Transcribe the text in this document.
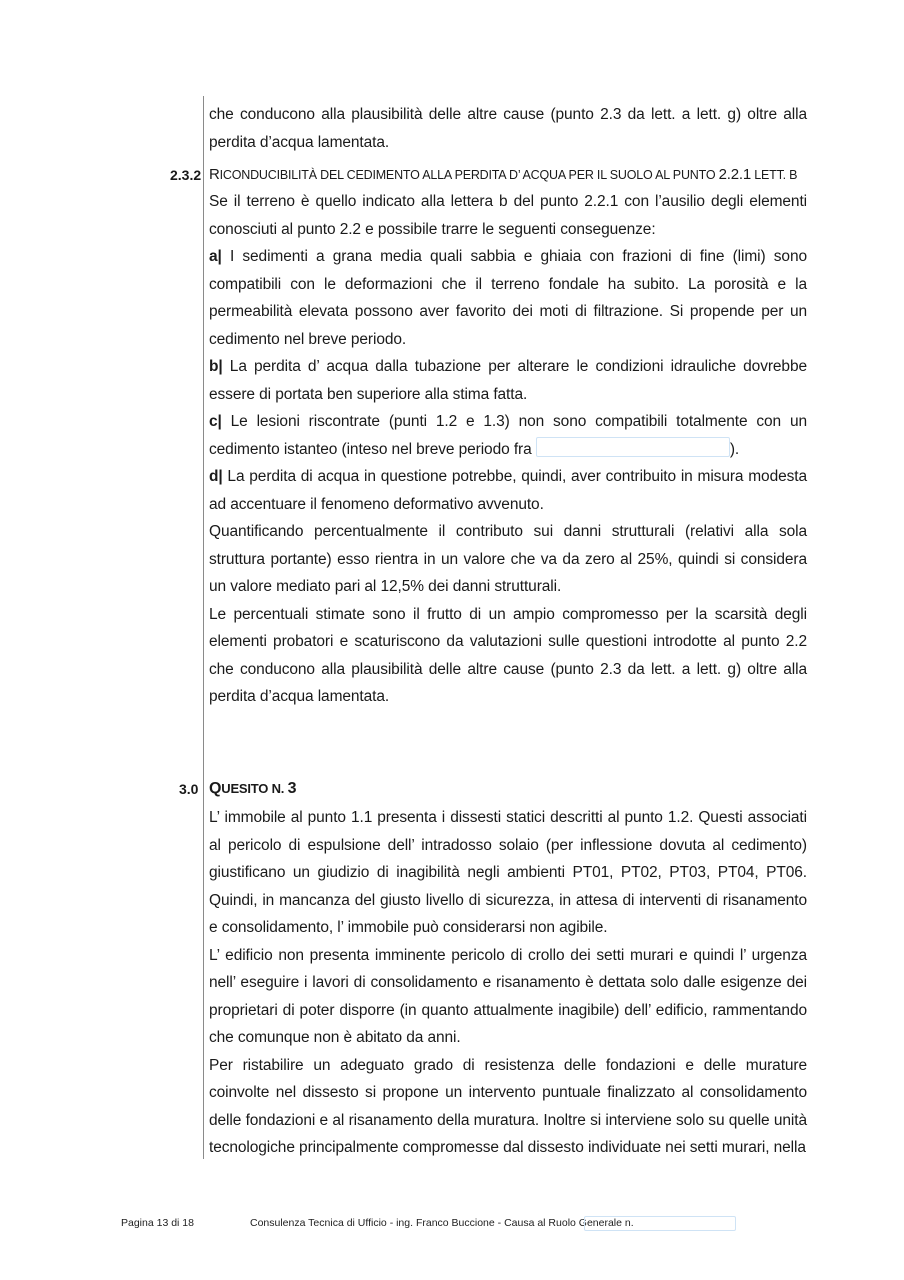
che conducono alla plausibilità delle altre cause (punto 2.3 da lett. a lett. g) oltre alla perdita d’acqua lamentata.

2.3.2 RICONDUCIBILITÀ DEL CEDIMENTO ALLA PERDITA D’ ACQUA PER IL SUOLO AL PUNTO 2.2.1 LETT. B

Se il terreno è quello indicato alla lettera b del punto 2.2.1 con l’ausilio degli elementi conosciuti al punto 2.2 e possibile trarre le seguenti conseguenze:

a| I sedimenti a grana media quali sabbia e ghiaia con frazioni di fine (limi) sono compatibili con le deformazioni che il terreno fondale ha subito. La porosità e la permeabilità elevata possono aver favorito dei moti di filtrazione. Si propende per un cedimento nel breve periodo.

b| La perdita d’ acqua dalla tubazione per alterare le condizioni idrauliche dovrebbe essere di portata ben superiore alla stima fatta.

c| Le lesioni riscontrate (punti 1.2 e 1.3) non sono compatibili totalmente con un cedimento istanteo (inteso nel breve periodo fra	).

d| La perdita di acqua in questione potrebbe, quindi, aver contribuito in misura modesta ad accentuare il fenomeno deformativo avvenuto.

Quantificando percentualmente il contributo sui danni strutturali (relativi alla sola struttura portante) esso rientra in un valore che va da zero al 25%, quindi si considera un valore mediato pari al 12,5% dei danni strutturali.

Le percentuali stimate sono il frutto di un ampio compromesso per la scarsità degli elementi probatori e scaturiscono da valutazioni sulle questioni introdotte al punto 2.2 che conducono alla plausibilità delle altre cause (punto 2.3 da lett. a lett. g) oltre alla perdita d’acqua lamentata.

3.0 QUESITO N. 3

L’ immobile al punto 1.1 presenta i dissesti statici descritti al punto 1.2. Questi associati al pericolo di espulsione dell’ intradosso solaio (per inflessione dovuta al cedimento) giustificano un giudizio di inagibilità negli ambienti PT01, PT02, PT03, PT04, PT06. Quindi, in mancanza del giusto livello di sicurezza, in attesa di interventi di risanamento e consolidamento, l’ immobile può considerarsi non agibile.

L’ edificio non presenta imminente pericolo di crollo dei setti murari e quindi l’ urgenza nell’ eseguire i lavori di consolidamento e risanamento è dettata solo dalle esigenze dei proprietari di poter disporre (in quanto attualmente inagibile) dell’ edificio, rammentando che comunque non è abitato da anni.

Per ristabilire un adeguato grado di resistenza delle fondazioni e delle murature coinvolte nel dissesto si propone un intervento puntuale finalizzato al consolidamento delle fondazioni e al risanamento della muratura. Inoltre si interviene solo su quelle unità tecnologiche principalmente compromesse dal dissesto individuate nei setti murari, nella

Pagina 13 di 18	Consulenza Tecnica di Ufficio - ing. Franco Buccione - Causa al Ruolo Generale n.
